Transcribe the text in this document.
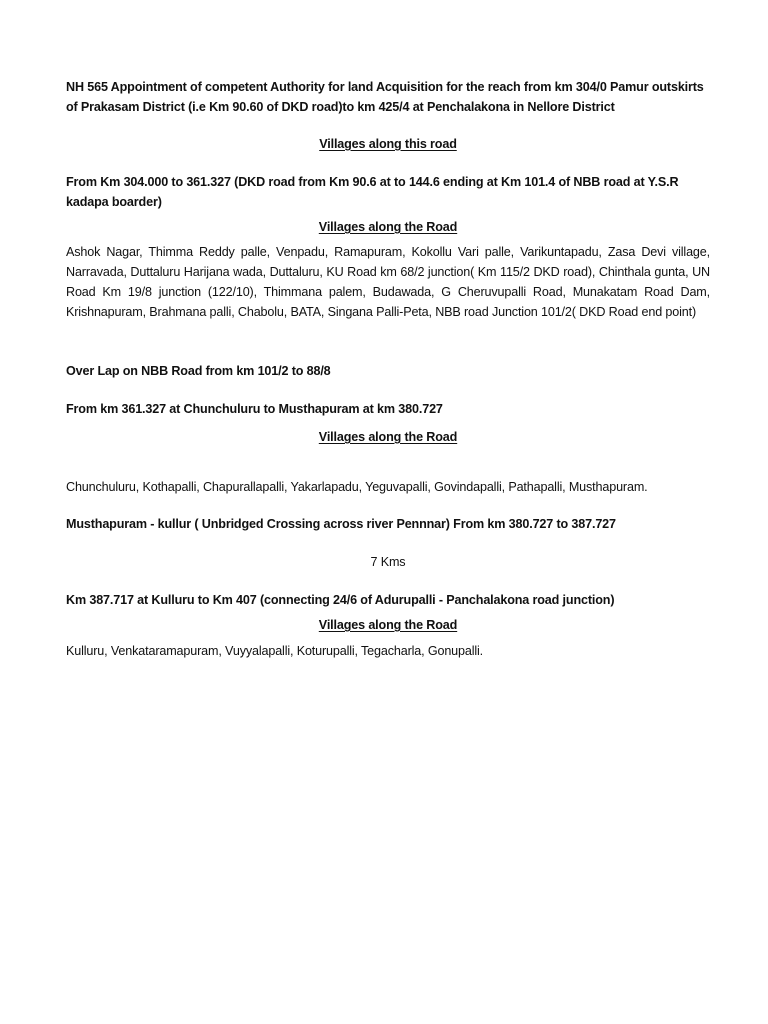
NH 565 Appointment of competent Authority for land Acquisition for the reach from km 304/0 Pamur outskirts of Prakasam District (i.e Km 90.60 of DKD road)to km 425/4 at Penchalakona in Nellore District
Villages along this road
From Km 304.000 to 361.327 (DKD road from Km 90.6 at to 144.6 ending at Km 101.4 of NBB road at Y.S.R kadapa boarder)
Villages along the Road
Ashok Nagar, Thimma Reddy palle, Venpadu, Ramapuram, Kokollu Vari palle, Varikuntapadu, Zasa Devi village, Narravada, Duttaluru Harijana wada, Duttaluru, KU Road km 68/2 junction( Km 115/2 DKD road), Chinthala gunta, UN Road Km 19/8 junction (122/10), Thimmana palem, Budawada, G Cheruvupalli Road, Munakatam Road Dam, Krishnapuram, Brahmana palli, Chabolu, BATA, Singana Palli-Peta, NBB road Junction 101/2( DKD Road end point)
Over Lap on NBB Road from km 101/2 to 88/8
From km 361.327 at Chunchuluru to Musthapuram at km 380.727
Villages along the Road
Chunchuluru, Kothapalli, Chapurallapalli, Yakarlapadu, Yeguvapalli, Govindapalli, Pathapalli, Musthapuram.
Musthapuram - kullur ( Unbridged Crossing across river Pennnar) From km 380.727 to 387.727
7 Kms
Km 387.717 at Kulluru to Km 407 (connecting 24/6 of Adurupalli - Panchalakona road junction)
Villages along the Road
Kulluru, Venkataramapuram, Vuyyalapalli, Koturupalli, Tegacharla, Gonupalli.
